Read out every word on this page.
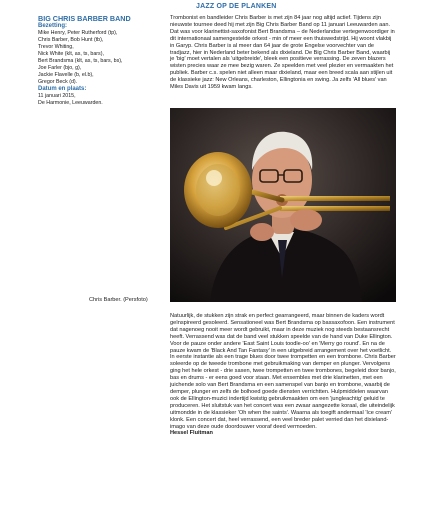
BIG CHRIS BARBER BAND
Bezetting:
Mike Henry, Peter Rutherford (tp),
Chris Barber, Bob Hunt (tb),
Trevor Whiting,
Nick White (klt, as, ts, bars),
Bert Brandsma (klt, as, ts, bars, bs),
Joe Farler (bjo, g),
Jackie Flavelle (b, el.b),
Gregor Beck (d).
Datum en plaats:
11 januari 2015,
De Harmonie, Leeuwarden.
JAZZ OP DE PLANKEN

Trombonist en bandleider Chris Barber is met zijn 84 jaar nog altijd actief. Tijdens zijn nieuwste tournee deed hij met zijn Big Chris Barber Band op 11 januari Leeuwarden aan. Dat was voor klarinettist-saxofonist Bert Brandsma – de Nederlandse vertegenwoordiger in dit internationaal samengestelde orkest - min of meer een thuiswedstrijd. Hij woont vlakbij in Garyp. Chris Barber is al meer dan 64 jaar de grote Engelse voorvechter van de tradjazz, hier in Nederland beter bekend als dixieland. De Big Chris Barber Band, waarbij je 'big' moet vertalen als 'uitgebreide', bleek een positieve verrassing. De zeven blazers wisten precies waar ze mee bezig waren. Ze speelden met veel plezier en vermaakten het publiek. Barber c.s. spelen niet alleen maar dixieland, maar een breed scala aan stijlen uit de klassieke jazz: New Orleans, charleston, Ellingtonia en swing. Ja zelfs 'All blues' van Miles Davis uit 1959 kwam langs.

Chris Barber. (Persfoto)

Natuurlijk, de stukken zijn strak en perfect gearrangeerd, maar binnen de kaders wordt geïnspireerd gesoleerd. Sensationeel was Bert Brandsma op bassaxofoon. Een instrument dat nagenoeg nooit meer wordt gebruikt, maar in deze muziek nog steeds bestaansrecht heeft. Verrassend was dat de band veel stukken speelde van de hand van Duke Ellington. Voor de pauze onder andere 'East Saint Louis toodle-oo' en 'Merry go round'. En na de pauze kwam de 'Black And Tan Fantasy' in een uitgebreid arrangement over het voetlicht. In eerste instantie als een trage blues door twee trompetten en een trombone. Chris Barber soleerde op de tweede trombone met gebruikmaking van demper en plunger. Vervolgens ging het hele orkest - drie saxen, twee trompetten en twee trombones, begeleid door banjo, bas en drums - er eens goed voor staan. Met ensembles met drie klarinetten, met een juichende solo van Bert Brandsma en een samenspel van banjo en trombone, waarbij de demper, plunger en zelfs de bolhoed goede diensten verrichtten. Hulpmiddelen waarvan ook de Ellington-muzici indertijd kwistig gebruikmaakten om een 'jungleachtig' geluid te produceren. Het sluitstuk van het concert was een zwaar aangezette koraal, die uiteindelijk uitmondde in de klassieker 'Oh when the saints'. Waarna als toegift andermaal 'Ice cream' klonk. Een concert dat, heel verrassend, een veel breder palet verried dan het dixieland-imago van deze oude doordouwer vooraf deed vermoeden.

Hessel Fluitman
